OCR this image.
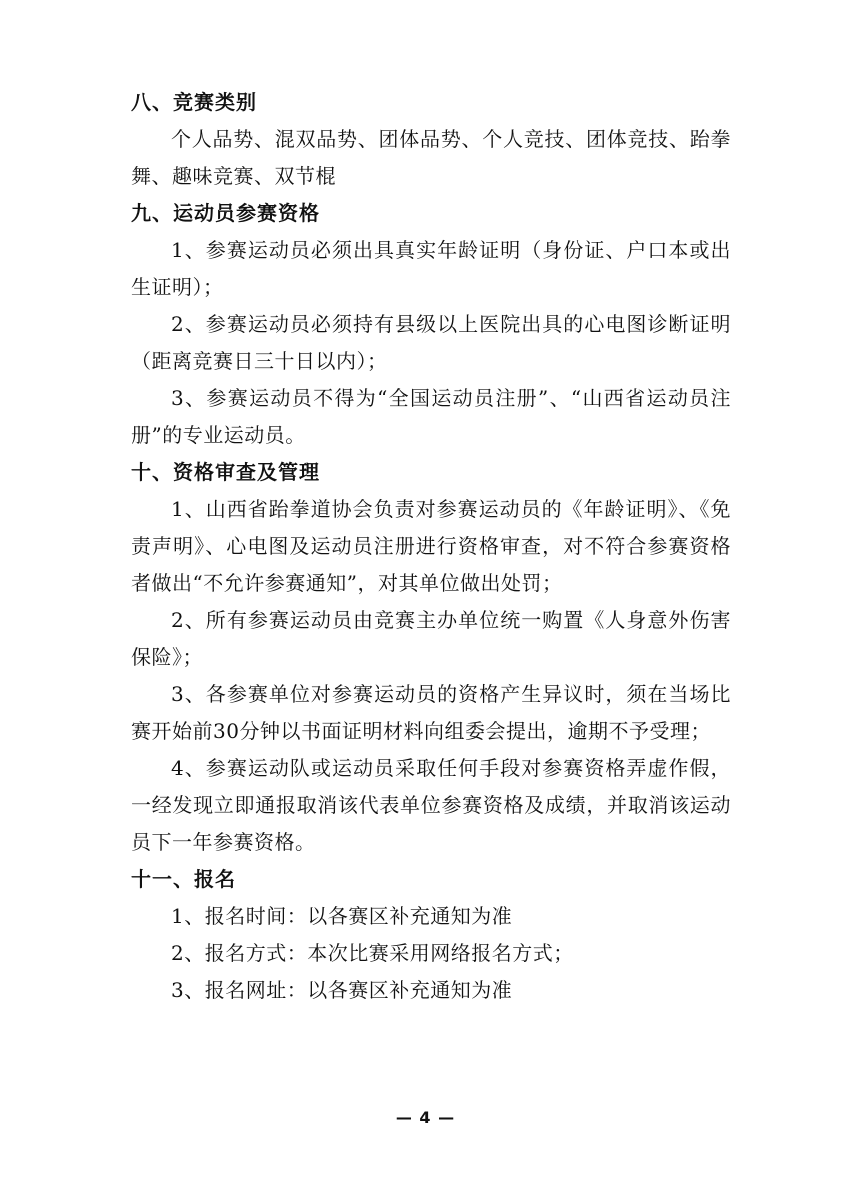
八、竞赛类别

个人品势、混双品势、团体品势、个人竞技、团体竞技、跆拳舞、趣味竞赛、双节棍

九、运动员参赛资格

1、参赛运动员必须出具真实年龄证明（身份证、户口本或出生证明）；

2、参赛运动员必须持有县级以上医院出具的心电图诊断证明（距离竞赛日三十日以内）；

3、参赛运动员不得为“全国运动员注册”、“山西省运动员注册”的专业运动员。

十、资格审查及管理

1、山西省跆拳道协会负责对参赛运动员的《年龄证明》、《免责声明》、心电图及运动员注册进行资格审查，对不符合参赛资格者做出“不允许参赛通知”，对其单位做出处罚；

2、所有参赛运动员由竞赛主办单位统一购置《人身意外伤害保险》；

3、各参赛单位对参赛运动员的资格产生异议时，须在当场比赛开始前30分钟以书面证明材料向组委会提出，逾期不予受理；

4、参赛运动队或运动员采取任何手段对参赛资格弄虚作假，一经发现立即通报取消该代表单位参赛资格及成绩，并取消该运动员下一年参赛资格。

十一、报名

1、报名时间：以各赛区补充通知为准

2、报名方式：本次比赛采用网络报名方式；

3、报名网址：以各赛区补充通知为准

— 4 —
